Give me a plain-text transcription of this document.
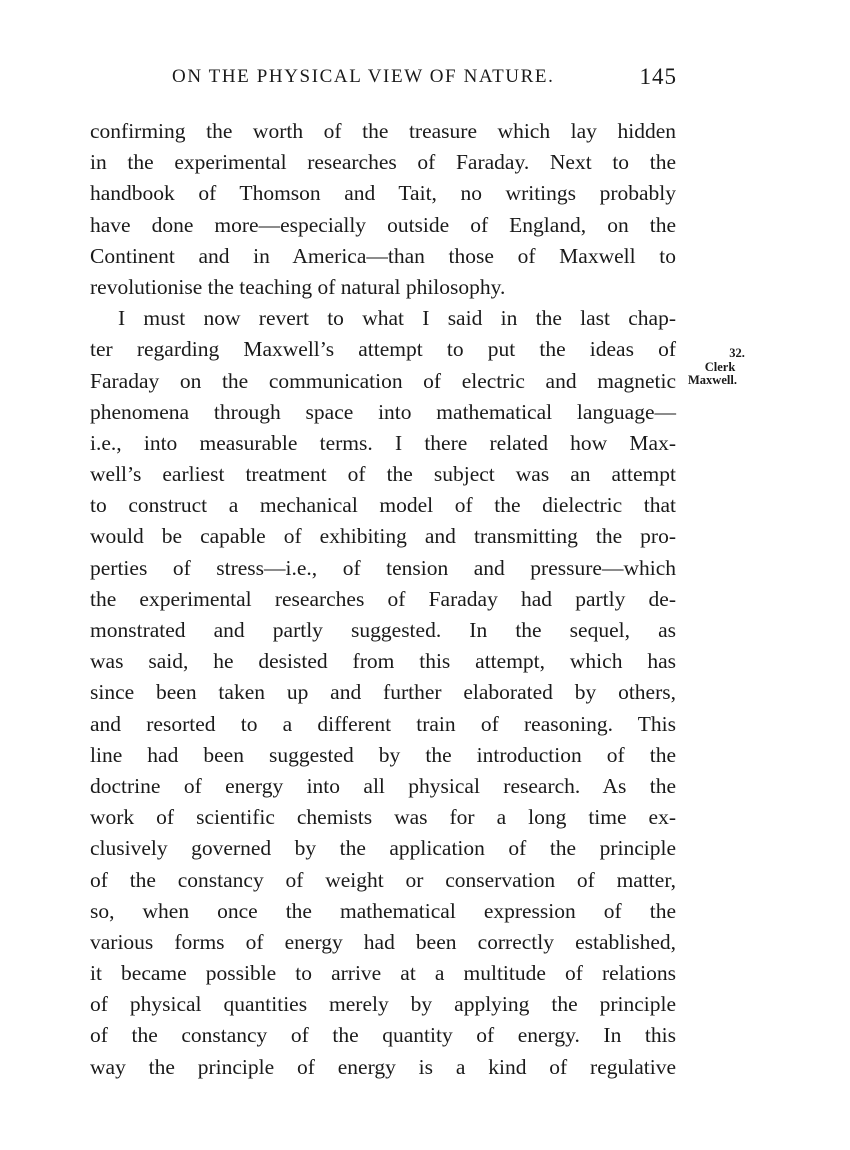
ON THE PHYSICAL VIEW OF NATURE.	145
confirming the worth of the treasure which lay hidden
in the experimental researches of Faraday. Next to the
handbook of Thomson and Tait, no writings probably
have done more—especially outside of England, on the
Continent and in America—than those of Maxwell to
revolutionise the teaching of natural philosophy.
I must now revert to what I said in the last chap-
ter regarding Maxwell’s attempt to put the ideas of
Faraday on the communication of electric and magnetic
phenomena through space into mathematical language—
i.e., into measurable terms. I there related how Max-
well’s earliest treatment of the subject was an attempt
to construct a mechanical model of the dielectric that
would be capable of exhibiting and transmitting the pro-
perties of stress—i.e., of tension and pressure—which
the experimental researches of Faraday had partly de-
monstrated and partly suggested. In the sequel, as
was said, he desisted from this attempt, which has
since been taken up and further elaborated by others,
and resorted to a different train of reasoning. This
line had been suggested by the introduction of the
doctrine of energy into all physical research. As the
work of scientific chemists was for a long time ex-
clusively governed by the application of the principle
of the constancy of weight or conservation of matter,
so, when once the mathematical expression of the
various forms of energy had been correctly established,
it became possible to arrive at a multitude of relations
of physical quantities merely by applying the principle
of the constancy of the quantity of energy. In this
way the principle of energy is a kind of regulative
32.
Clerk
Maxwell.
